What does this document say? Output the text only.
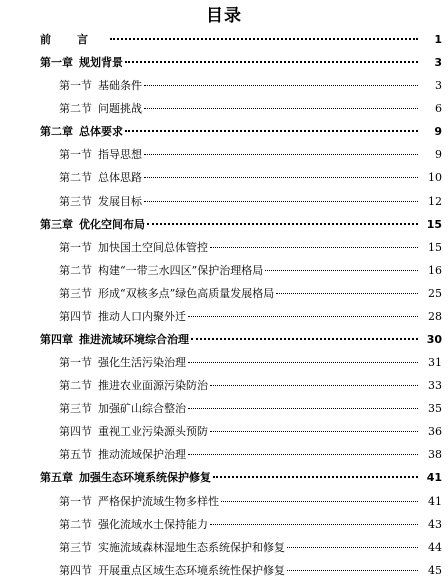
目录
前 言	1
第一章 规划背景	3
第一节 基础条件	3
第二节 问题挑战	6
第二章 总体要求	9
第一节 指导思想	9
第二节 总体思路	10
第三节 发展目标	12
第三章 优化空间布局	15
第一节 加快国土空间总体管控	15
第二节 构建“一带三水四区”保护治理格局	16
第三节 形成“双核多点”绿色高质量发展格局	25
第四节 推动人口内聚外迁	28
第四章 推进流域环境综合治理	30
第一节 强化生活污染治理	31
第二节 推进农业面源污染防治	33
第三节 加强矿山综合整治	35
第四节 重视工业污染源头预防	36
第五节 推动流域保护治理	38
第五章 加强生态环境系统保护修复	41
第一节 严格保护流域生物多样性	41
第二节 强化流域水土保持能力	43
第三节 实施流域森林湿地生态系统保护和修复	44
第四节 开展重点区域生态环境系统性保护修复	45
